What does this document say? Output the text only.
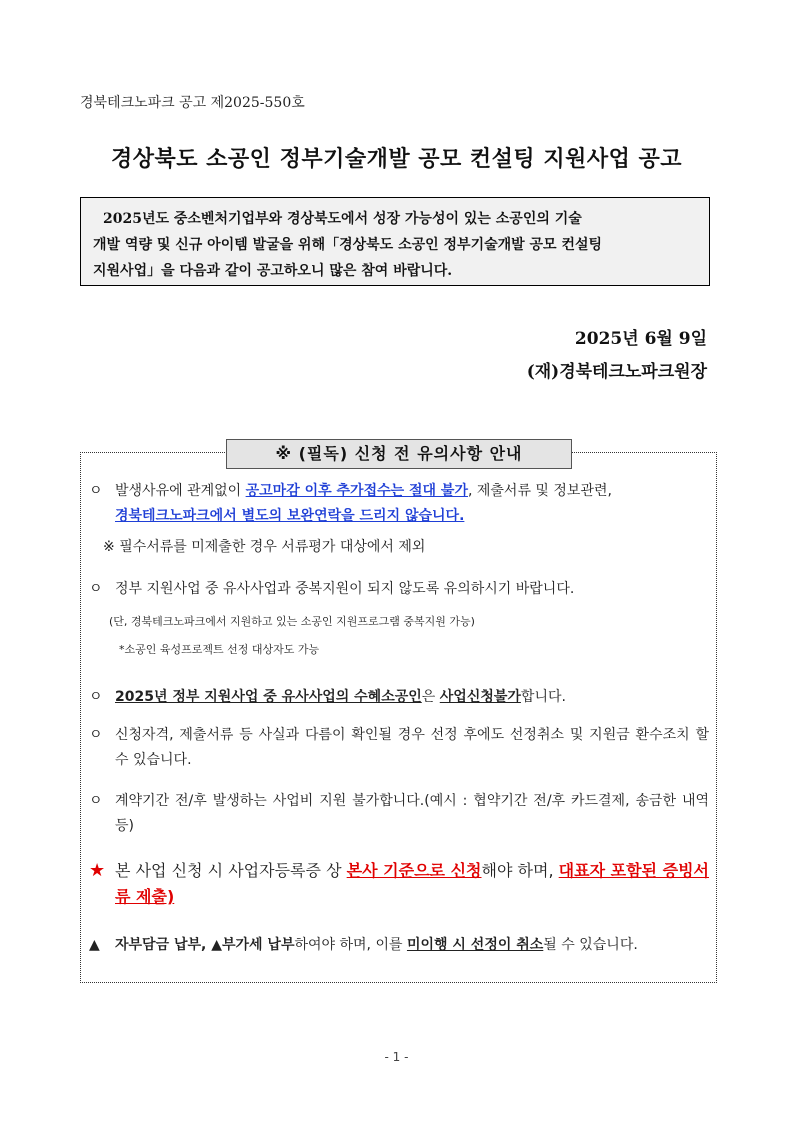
경북테크노파크 공고 제2025-550호
경상북도 소공인 정부기술개발 공모 컨설팅 지원사업 공고
2025년도 중소벤처기업부와 경상북도에서 성장 가능성이 있는 소공인의 기술
개발 역량 및 신규 아이템 발굴을 위해「경상북도 소공인 정부기술개발 공모 컨설팅
지원사업」을 다음과 같이 공고하오니 많은 참여 바랍니다.
2025년 6월 9일
(재)경북테크노파크원장
※ (필독) 신청 전 유의사항 안내
ㅇ 발생사유에 관계없이 공고마감 이후 추가접수는 절대 불가, 제출서류 및 정보관련,
경북테크노파크에서 별도의 보완연락을 드리지 않습니다.
※ 필수서류를 미제출한 경우 서류평가 대상에서 제외
ㅇ 정부 지원사업 중 유사사업과 중복지원이 되지 않도록 유의하시기 바랍니다.
(단, 경북테크노파크에서 지원하고 있는 소공인 지원프로그램 중복지원 가능)
*소공인 육성프로젝트 선정 대상자도 가능
ㅇ 2025년 정부 지원사업 중 유사사업의 수혜소공인은 사업신청불가합니다.
ㅇ 신청자격, 제출서류 등 사실과 다름이 확인될 경우 선정 후에도 선정취소 및 지원금 환수조치 할 수 있습니다.
ㅇ 계약기간 전/후 발생하는 사업비 지원 불가합니다.(예시 : 협약기간 전/후 카드결제, 송금한 내역 등)
★ 본 사업 신청 시 사업자등록증 상 본사 기준으로 신청해야 하며, 대표자 포함된 증빙서류 제출)
▲	자부담금 납부, ▲부가세 납부하여야 하며, 이를 미이행 시 선정이 취소될 수 있습니다.
- 1 -
